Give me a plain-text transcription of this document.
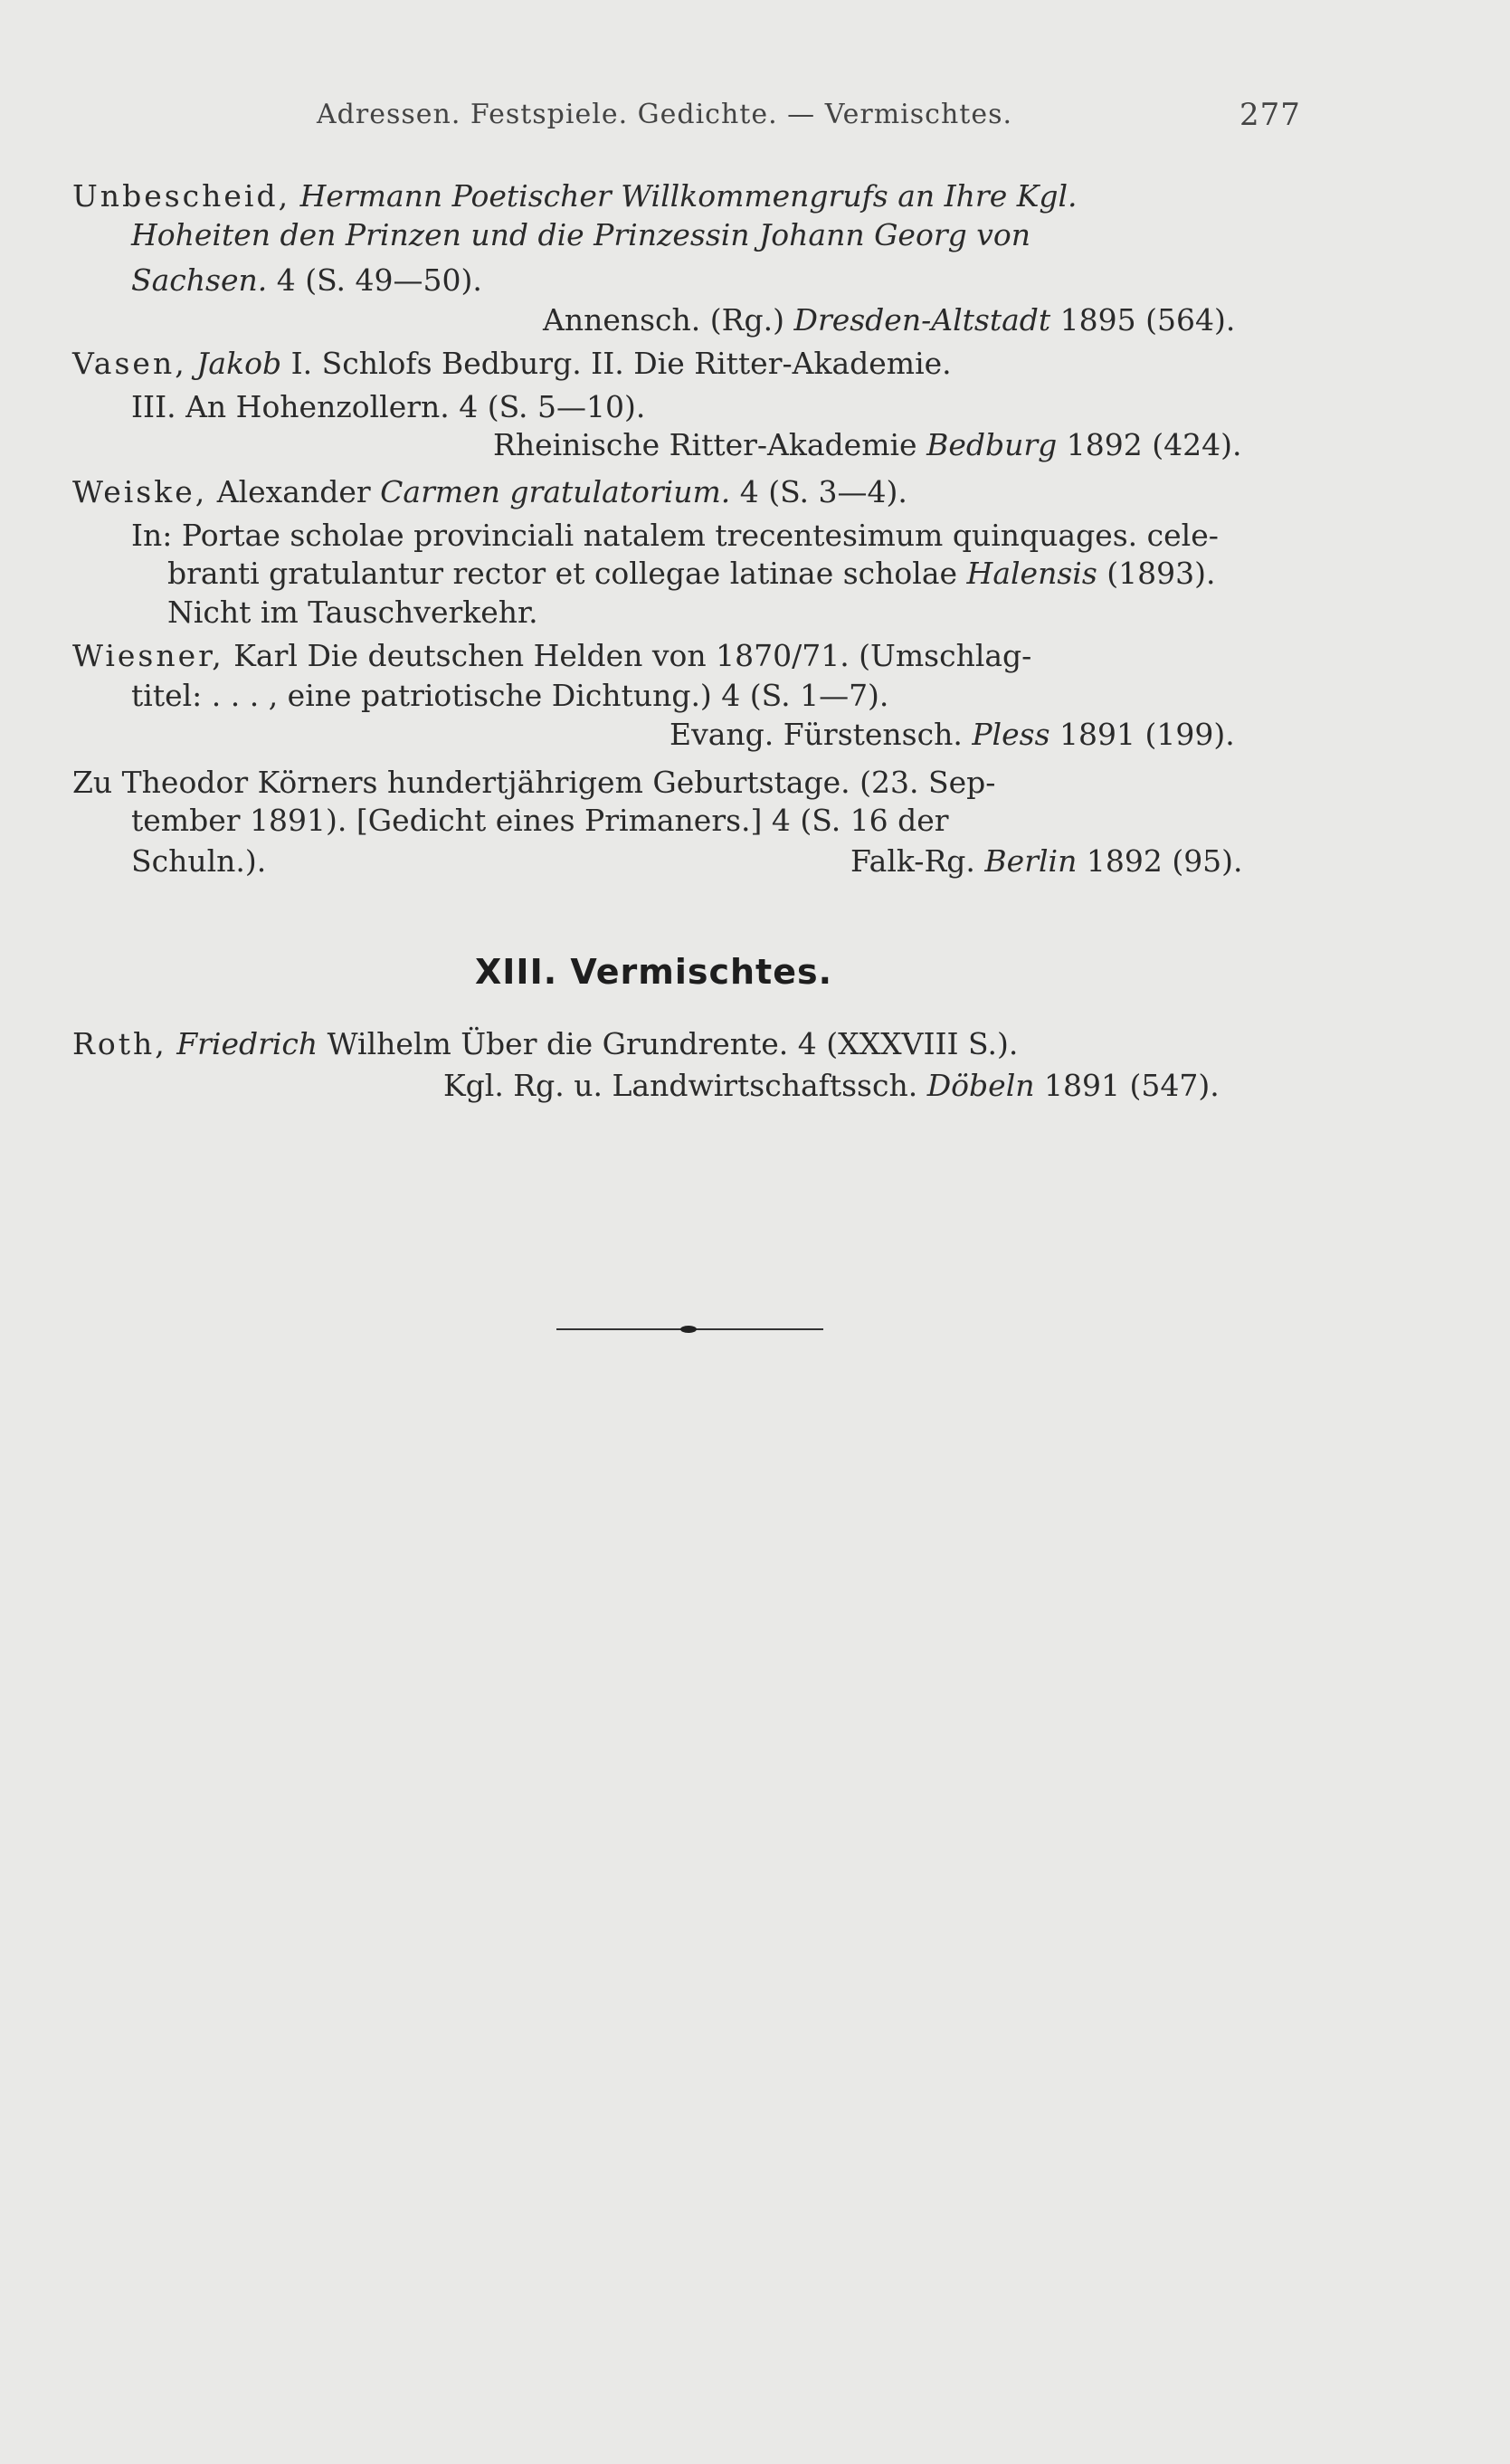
Adressen. Festspiele. Gedichte. — Vermischtes.	277
Unbescheid, Hermann Poetischer Willkommengrufs an Ihre Kgl.
Hoheiten den Prinzen und die Prinzessin Johann Georg von
Sachsen. 4 (S. 49—50).
Annensch. (Rg.) Dresden-Altstadt 1895 (564).
Vasen, Jakob I. Schlofs Bedburg. II. Die Ritter-Akademie.
III. An Hohenzollern. 4 (S. 5—10).
Rheinische Ritter-Akademie Bedburg 1892 (424).
Weiske, Alexander Carmen gratulatorium. 4 (S. 3—4).
In: Portae scholae provinciali natalem trecentesimum quinquages. cele-
branti gratulantur rector et collegae latinae scholae Halensis (1893).
Nicht im Tauschverkehr.
Wiesner, Karl Die deutschen Helden von 1870/71. (Umschlag-
titel: . . . , eine patriotische Dichtung.) 4 (S. 1—7).
Evang. Fürstensch. Pless 1891 (199).
Zu Theodor Körners hundertjährigem Geburtstage. (23. Sep-
tember 1891). [Gedicht eines Primaners.] 4 (S. 16 der
Schuln.).	Falk-Rg. Berlin 1892 (95).
XIII. Vermischtes.
Roth, Friedrich Wilhelm Über die Grundrente. 4 (XXXVIII S.).
Kgl. Rg. u. Landwirtschaftssch. Döbeln 1891 (547).
